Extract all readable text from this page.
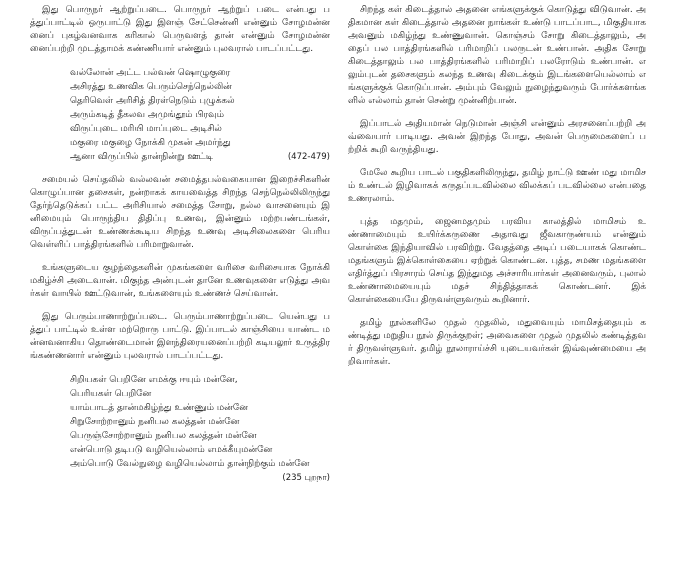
இது பொருநர் ஆற்றுப்படை. பொருநர் ஆற்றுப் படை என்பது பத்துப்பாட்டில் ஒருபாட்டு இது இளஞ் சேட்சென்னி என்னும் சோழமன்னனைப் புகழ்வனவாக கரிகால் பெருவளத் தான் என்னும் சோழமன்னனைப்பற்றி முடத்தாமக் கண்ணியார் என்னும் புலவரால் பாடப்பட்டது.

வல்லோன் அட்ட பல்வன் ஷொழுகுரை
அசிரத்து உணவிக பெரும்செந்நெல்லின்
தெரிவெள் அரிசித் திரள்நெடும் புழுக்கல்
அரும்கடித் தீகலவ அமுங்தூம் பிரவும்
விருப்புடை மரியி மாப்புடை அடிசில்
மகுரை மகுழை நோக்கி முகன் அமர்ந்து
ஆனா விருப்பில் தான்நின்று ஊட்டி	(472-479)

சமையல் செய்தலில் வல்லவன் சமைத்தபல்வகையான இறைச்சிகளின் கொழுப்பான தசைகள், நன்றாகக் காயவைத்த சிறந்த செந்நெல்லிலிருந்து தேர்ந்தெடுக்கப் பட்ட அரிசியால் சமைத்த சோறு, நல்ல வாசனையும் இனிமையும் பொருந்திய திதிப்பு உணவு, இன்னும் மற்றபண்டங்கள், விருப்பத்துடன் உண்ணக்கூடிய சிறந்த உணவு அடிசிலைகளை பெரிய வெள்ளிப் பாத்திரங்களில் பரிமாறுவான்.

உங்களுடைய குழந்தைகளின் முகங்களை வரிசை வரிசையாக நோக்கி மகிழ்ச்சி அடைவான். மிகுந்த அன்புடன் தானே உணவுகளை எடுத்து அவர்கள் வாயில் ஊட்டுவான், உங்களையும் உண்ணச் செய்வான்.

இது பெரும்பாணாற்றுப்படை. பெரும்பாணாற்றுப்படை யென்பது பத்துப் பாட்டில் உள்ள மற்றொரு பாட்டு. இப்பாடல் காஞ்சியை யாண்ட மன்னவனாகிய தொண்டைமான் இளந்திரையனைப்பற்றி கடியலூர் உருத்திரங்கண்ணனார் என்னும் புலவரால் பாடப்பட்டது.

சிறியகள் பெறினே எமக்கு ஈயும் மன்னே,
பெரியகள் பெறினே
யாம்பாடத் தான்மகிழ்ந்து உண்ணும் மன்னே
சிறுசோற்றானும் நனிபல கலத்தன் மன்னே
பெருஞ்சோற்றானும் நனிபல கலத்தன் மன்னே
என்பொடு தடிபடு வழியெல்லாம் எமக்கீயுமன்னே
அம்பொடு வேல்நுழை வழியெல்லாம் தான்நிற்கும் மன்னே
(235 புறநா)

சிறந்த கள் கிடைத்தால் அதனை எங்களுக்குக் கொடுத்து விடுவான். அதிகமான கள் கிடைத்தால் அதனை நாங்கள் உண்டு பாடப்பாட, மிகுதியாக அவனும் மகிழ்ந்து உண்ணுவான். கொஞ்சம் சோறு கிடைத்தாலும், அதைப் பல பாத்திரங்களில் பரிமாறிப் பலருடன் உண்பான். அதிக சோறு கிடைத்தாலும் பல பாத்திரங்களில் பரிமாறிப் பலரோடும் உண்பான். எலும்புடன் தசைகளும் கலந்த உணவு கிடைக்கும் இடங்களையெல்லாம் எங்களுக்குக் கொடுப்பான். அம்பும் வேலும் நுழைந்துவரும் போர்க்களங்களில் எல்லாம் தான் சென்று முன்னிற்பான்.

இப்பாடல் அதியமான் நெடுமான் அஞ்சி என்னும் அரசனைப்பற்றி அவ்வையார் பாடியது. அவன் இறந்த போது, அவன் பெருமைகளைப் பற்றிக் கூறி வருந்தியது.

மேலே கூறிய பாடல் பகுதிகளிலிருந்து, தமிழ் நாட்டு ஊண் மது மாமிசம் உண்டல் இழிவாகக் கருதப்படவில்லை விலக்கப் படவில்லை என்பதை உணரலாம்.

புத்த மதமும், ஜைனமதமும் பரவிய காலத்தில் மாமிசம் உண்ணாமையும் உயிர்க்கருணை அதாவது ஜீவகாருண்யம் என்னும் கொள்கை இந்தியாவில் பரவிற்று. வேதத்தை அடிப் படையாகக் கொண்ட மதங்களும் இக்கொள்கையை ஏற்றுக் கொண்டன. புத்த, சமண மதங்களை எதிர்த்துப் பிரசாரம் செய்த இந்துமத அச்சாரியார்கள் அனைவரும், புலால் உண்ணாமையையும் மதச் சிந்தித்தாகக் கொண்டனர். இக் கொள்கையையே திருவள்ளுவரும் கூறினார்.

தமிழ் நூல்களிலே முதல் முதலில், மதுவையும் மாமிசத்தையும் கண்டித்து மறுதிய நூல் திருக்குறள்; அவைகளை முதல் முதலில் கண்டித்தவர் திருவள்ளுவர். தமிழ் நூலாராய்ச்சி யுடையவர்கள் இவ்வுண்மையை அறிவார்கள்.
